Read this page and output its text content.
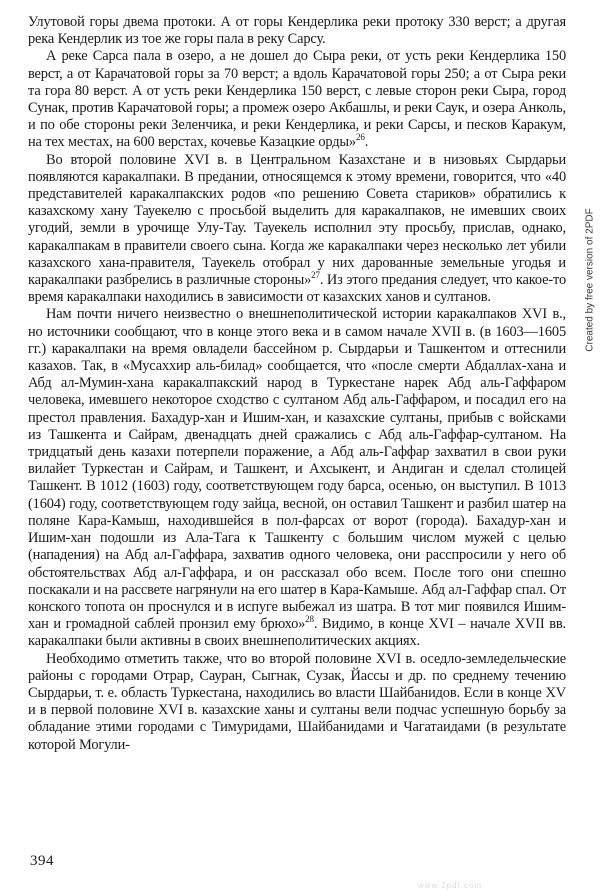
Улутовой горы двема протоки. А от горы Кендерлика реки протоку 330 верст; а другая река Кендерлик из тое же горы пала в реку Сарсу.

А реке Сарса пала в озеро, а не дошел до Сыра реки, от усть реки Кендерлика 150 верст, а от Карачатовой горы за 70 верст; а вдоль Карачатовой горы 250; а от Сыра реки та гора 80 верст. А от усть реки Кендерлика 150 верст, с левые сторон реки Сыра, город Сунак, против Карачатовой горы; а промеж озеро Акбашлы, и реки Саук, и озера Анколь, и по обе стороны реки Зеленчика, и реки Кендерлика, и реки Сарсы, и песков Каракум, на тех местах, на 600 верстах, кочевье Казацкие орды»$^{26}$.

Во второй половине XVI в. в Центральном Казахстане и в низовьях Сырдарьи появляются каракалпаки. В предании, относящемся к этому времени, говорится, что «40 представителей каракалпакских родов «по решению Совета стариков» обратились к казахскому хану Тауекелю с просьбой выделить для каракалпаков, не имевших своих угодий, земли в урочище Улу-Тау. Тауекель исполнил эту просьбу, прислав, однако, каракалпакам в правители своего сына. Когда же каракалпаки через несколько лет убили казахского хана-правителя, Тауекель отобрал у них дарованные земельные угодья и каракалпаки разбрелись в различные стороны»$^{27}$. Из этого предания следует, что какое-то время каракалпаки находились в зависимости от казахских ханов и султанов.

Нам почти ничего неизвестно о внешнеполитической истории каракалпаков XVI в., но источники сообщают, что в конце этого века и в самом начале XVII в. (в 1603—1605 гг.) каракалпаки на время овладели бассейном р. Сырдарьи и Ташкентом и оттеснили казахов. Так, в «Мусаххир аль-билад» сообщается, что «после смерти Абдаллах-хана и Абд ал-Мумин-хана каракалпакский народ в Туркестане нарек Абд аль-Гаффаром человека, имевшего некоторое сходство с султаном Абд аль-Гаффаром, и посадил его на престол правления. Бахадур-хан и Ишим-хан, и казахские султаны, прибыв с войсками из Ташкента и Сайрам, двенадцать дней сражались с Абд аль-Гаффар-султаном. На тридцатый день казахи потерпели поражение, а Абд аль-Гаффар захватил в свои руки вилайет Туркестан и Сайрам, и Ташкент, и Ахсыкент, и Андиган и сделал столицей Ташкент. В 1012 (1603) году, соответствующем году барса, осенью, он выступил. В 1013 (1604) году, соответствующем году зайца, весной, он оставил Ташкент и разбил шатер на поляне Кара-Камыш, находившейся в пол-фарсах от ворот (города). Бахадур-хан и Ишим-хан подошли из Ала-Тага к Ташкенту с большим числом мужей с целью (нападения) на Абд ал-Гаффара, захватив одного человека, они расспросили у него об обстоятельствах Абд ал-Гаффара, и он рассказал обо всем. После того они спешно поскакали и на рассвете нагрянули на его шатер в Кара-Камыше. Абд ал-Гаффар спал. От конского топота он проснулся и в испуге выбежал из шатра. В тот миг появился Ишим-хан и громадной саблей пронзил ему брюхо»$^{28}$. Видимо, в конце XVI – начале XVII вв. каракалпаки были активны в своих внешнеполитических акциях.

Необходимо отметить также, что во второй половине XVI в. оседло-земледельческие районы с городами Отрар, Сауран, Сыгнак, Сузак, Йассы и др. по среднему течению Сырдарьи, т. е. область Туркестана, находились во власти Шайбанидов. Если в конце XV и в первой половине XVI в. казахские ханы и султаны вели подчас успешную борьбу за обладание этими городами с Тимуридами, Шайбанидами и Чагатаидами (в результате которой Могули-

394
Created by free version of 2PDF
www.2pdf.com
